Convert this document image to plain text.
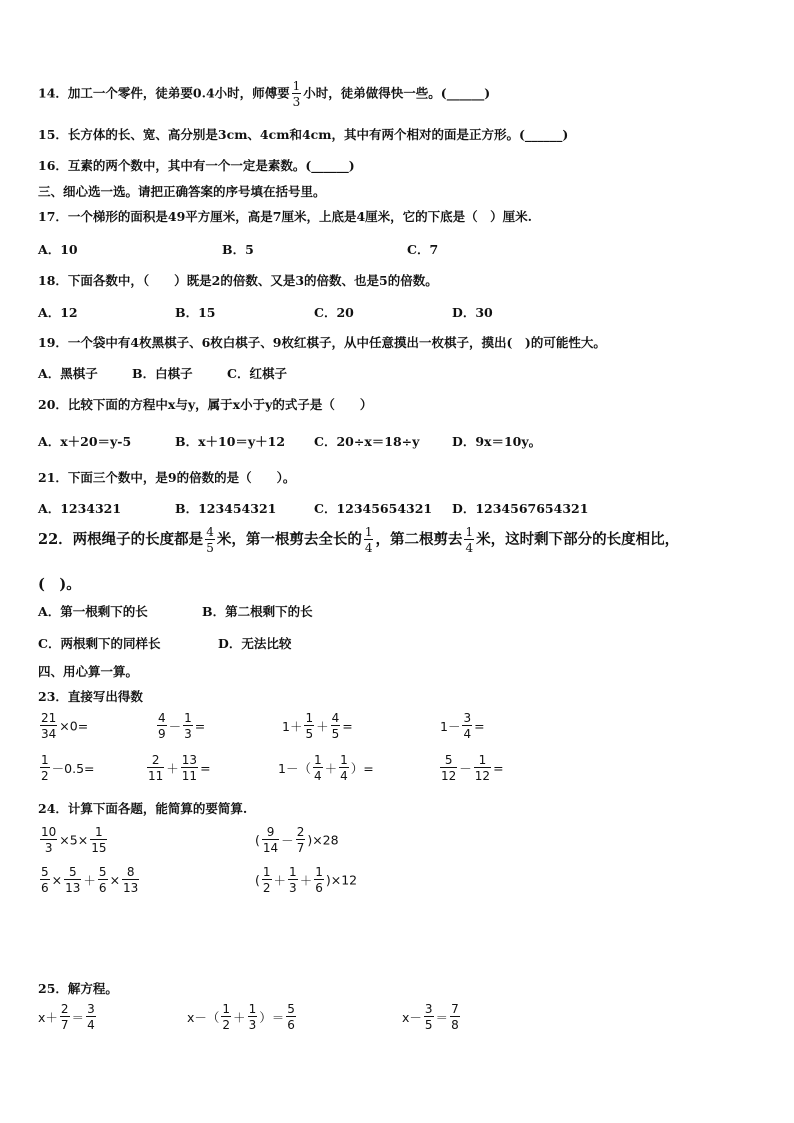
14．加工一个零件，徒弟要0.4小时，师傅要 $\frac{1}{3}$ 小时，徒弟做得快一些。(______)
15．长方体的长、宽、高分别是3cm、4cm和4cm，其中有两个相对的面是正方形。(______)
16．互素的两个数中，其中有一个一定是素数。(______)
三、细心选一选。请把正确答案的序号填在括号里。
17．一个梯形的面积是49平方厘米，高是7厘米，上底是4厘米，它的下底是（　）厘米.
A．10	B．5	C．7
18．下面各数中，（　　）既是2的倍数、又是3的倍数、也是5的倍数。
A．12	B．15	C．20	D．30
19．一个袋中有4枚黑棋子、6枚白棋子、9枚红棋子，从中任意摸出一枚棋子，摸出(　)的可能性大。
A．黑棋子	B．白棋子	C．红棋子
20．比较下面的方程中x与y，属于x小于y的式子是（　　）
A．x＋20＝y-5	B．x＋10＝y＋12 C．20÷x＝18÷y	D．9x＝10y。
21．下面三个数中，是9的倍数的是（　　）。
A．1234321	B．123454321	C．12345654321 D．1234567654321
22．两根绳子的长度都是 $\frac{4}{5}$ 米，第一根剪去全长的 $\frac{1}{4}$ ，第二根剪去 $\frac{1}{4}$ 米，这时剩下部分的长度相比，
(　)。
A．第一根剩下的长	B．第二根剩下的长
C．两根剩下的同样长	D．无法比较
四、用心算一算。
23．直接写出得数
$\frac{21}{34} \times 0=$	$\frac{4}{9} - \frac{1}{3}$ =	$1+ \frac{1}{5} + \frac{4}{5}$ =	$1- \frac{3}{4}$ =
$\frac{1}{2} -0.5=$	$\frac{2}{11} + \frac{13}{11}$ =	$1-( \frac{1}{4} + \frac{1}{4}$ ）=	$\frac{5}{12} - \frac{1}{12}$ =
24．计算下面各题，能简算的要简算.
$\frac{10}{3} \times 5\times \frac{1}{15}$	( $\frac{9}{14} - \frac{2}{7} )\times 28$
$\frac{5}{6} \times \frac{5}{13} + \frac{5}{6} \times \frac{8}{13}$	( $\frac{1}{2} + \frac{1}{3} + \frac{1}{6} )\times 12$
25．解方程。
$x+ \frac{2}{7} = \frac{3}{4}$	$x-( \frac{1}{2} + \frac{1}{3}$ ）＝ $\frac{5}{6}$	$x- \frac{3}{5} = \frac{7}{8}$
